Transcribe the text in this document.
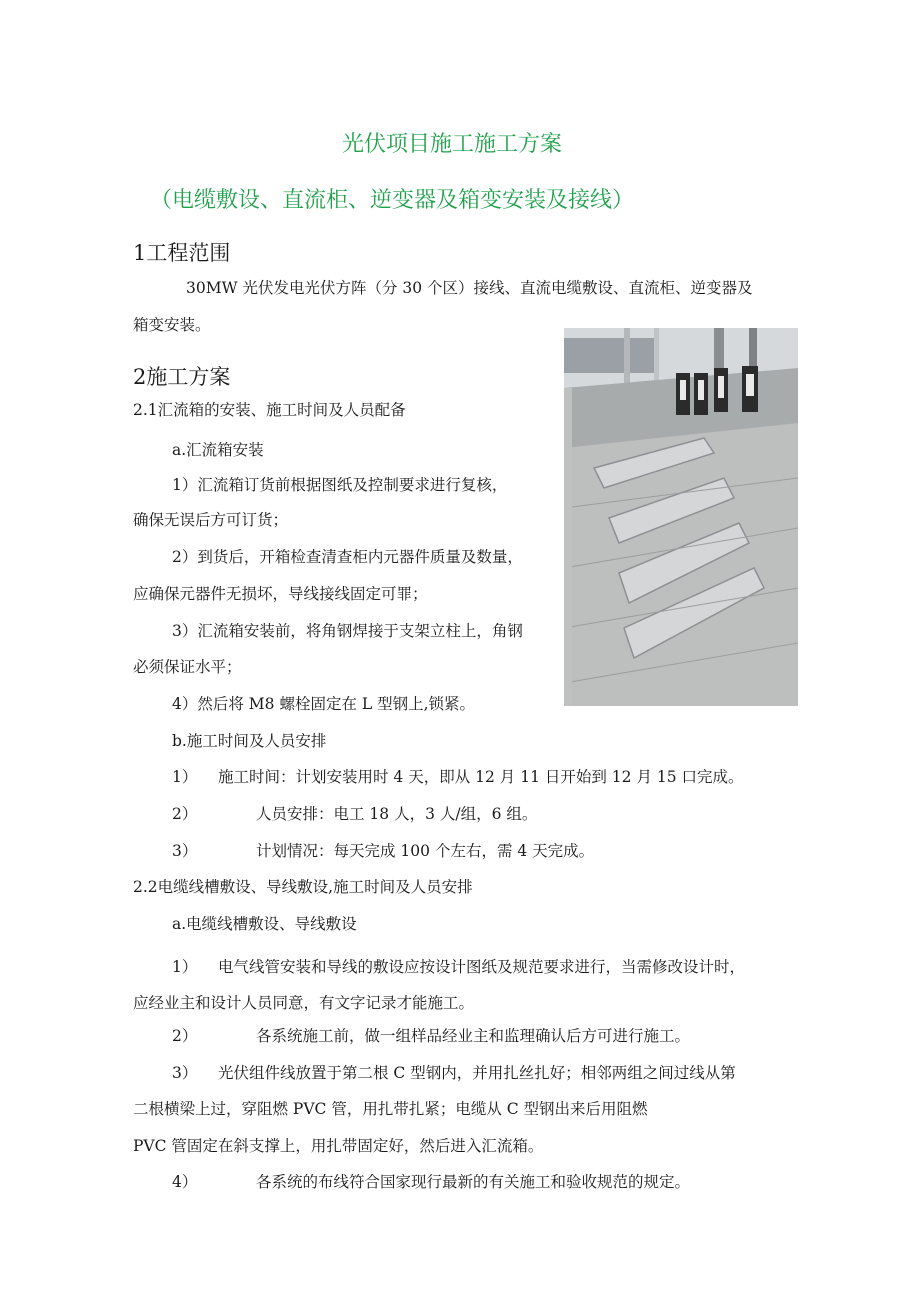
光伏项目施工施工方案
（电缆敷设、直流柜、逆变器及箱变安装及接线）
1工程范围
30MW 光伏发电光伏方阵（分 30 个区）接线、直流电缆敷设、直流柜、逆变器及
箱变安装。
2施工方案
2.1汇流箱的安装、施工时间及人员配备
a.汇流箱安装
1）汇流箱订货前根据图纸及控制要求进行复核，
确保无误后方可订货；
2）到货后，开箱检查清查柜内元器件质量及数量，
应确保元器件无损坏，导线接线固定可罪；
3）汇流箱安装前，将角钢焊接于支架立柱上，角钢
必须保证水平；
4）然后将 M8 螺栓固定在 L 型钢上,锁紧。
b.施工时间及人员安排
1） 施工时间：计划安装用时 4 天，即从 12 月 11 日开始到 12 月 15 口完成。
2）	人员安排：电工 18 人，3 人/组，6 组。
3）	计划情况：每天完成 100 个左右，需 4 天完成。
2.2电缆线槽敷设、导线敷设,施工时间及人员安排
a.电缆线槽敷设、导线敷设
1） 电气线管安装和导线的敷设应按设计图纸及规范要求进行，当需修改设计时，
应经业主和设计人员同意，有文字记录才能施工。
2）	各系统施工前，做一组样品经业主和监理确认后方可进行施工。
3） 光伏组件线放置于第二根 C 型钢内，并用扎丝扎好；相邻两组之间过线从第
二根横梁上过，穿阻燃 PVC 管，用扎带扎紧；电缆从 C 型钢出来后用阻燃
PVC 管固定在斜支撑上，用扎带固定好，然后进入汇流箱。
4）	各系统的布线符合国家现行最新的有关施工和验收规范的规定。
